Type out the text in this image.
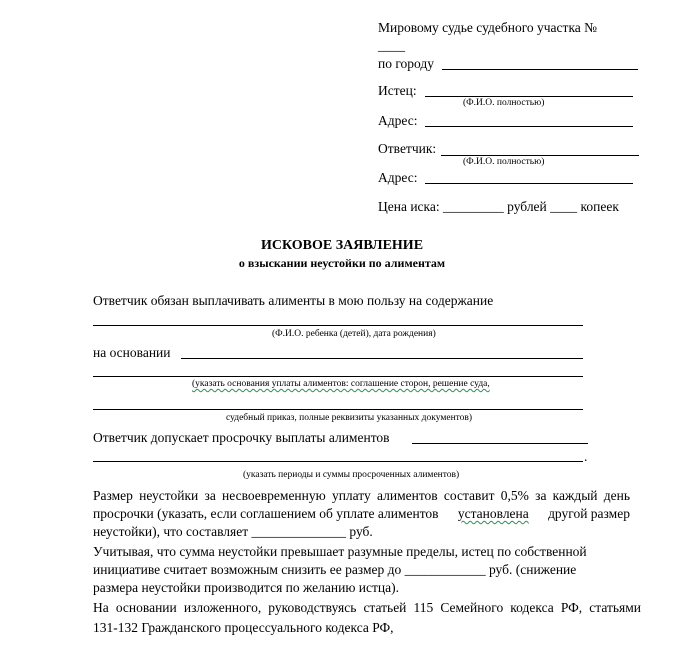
Мировому судье судебного участка №
____
по городу
Истец:
(Ф.И.О. полностью)
Адрес:
Ответчик:
(Ф.И.О. полностью)
Адрес:
Цена иска: _________ рублей ____ копеек
ИСКОВОЕ ЗАЯВЛЕНИЕ
о взыскании неустойки по алиментам
Ответчик обязан выплачивать алименты в мою пользу на содержание
(Ф.И.О. ребенка (детей), дата рождения)
на основании
(указать основания уплаты алиментов: соглашение сторон, решение суда,
судебный приказ, полные реквизиты указанных документов)
Ответчик допускает просрочку выплаты алиментов
.
(указать периоды и суммы просроченных алиментов)
Размер неустойки за несвоевременную уплату алиментов составит 0,5% за каждый день
просрочки (указать, если соглашением об уплате алиментов установлена другой размер
неустойки), что составляет ______________ руб.
Учитывая, что сумма неустойки превышает разумные пределы, истец по собственной
инициативе считает возможным снизить ее размер до ____________ руб. (снижение
размера неустойки производится по желанию истца).
На основании изложенного, руководствуясь статьей 115 Семейного кодекса РФ, статьями
131-132 Гражданского процессуального кодекса РФ,
